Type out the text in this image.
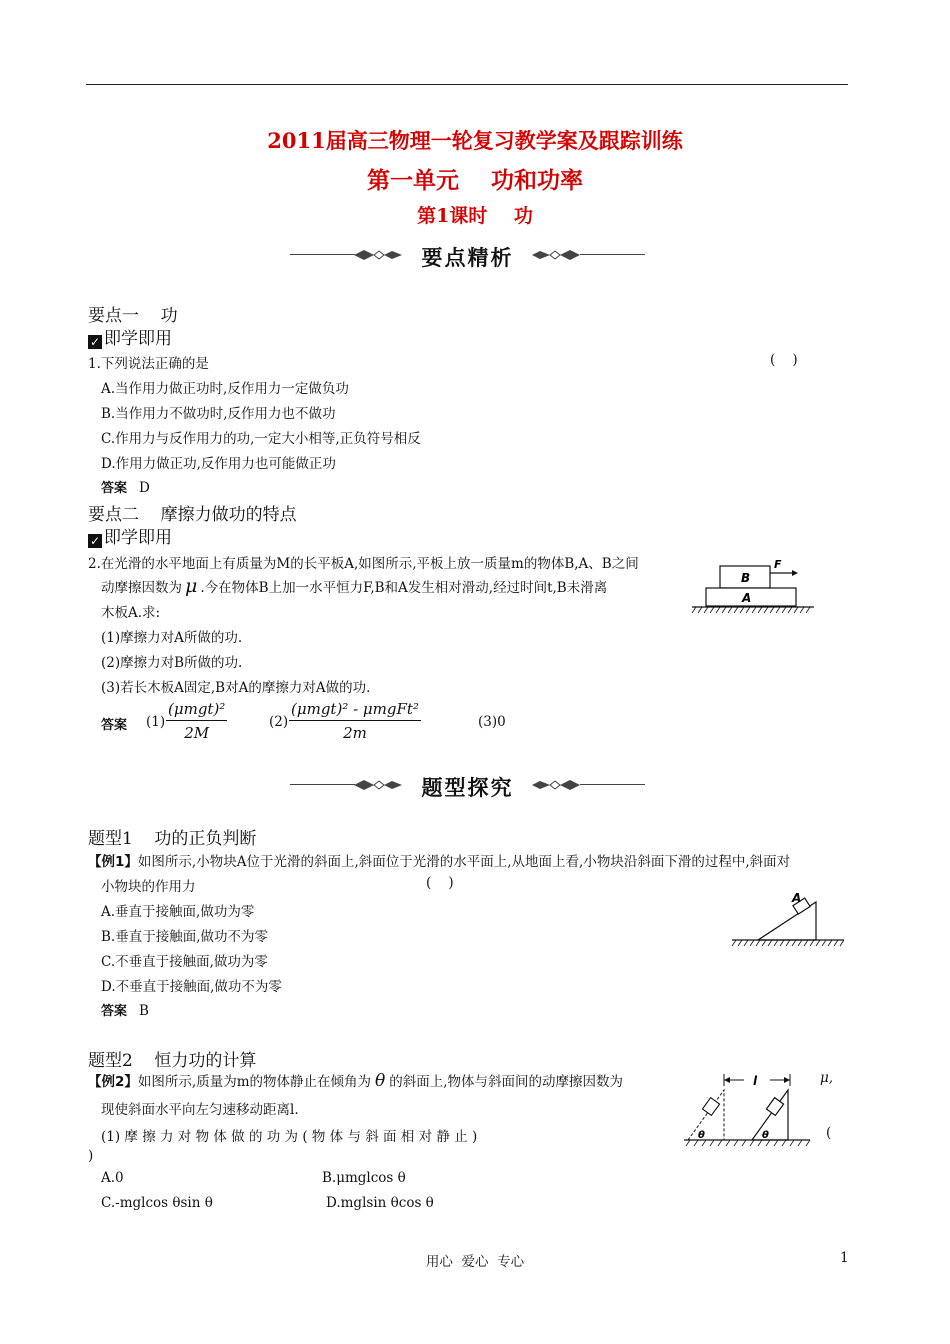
2011届高三物理一轮复习教学案及跟踪训练
第一单元    功和功率
第1课时    功
要点精析
要点一    功
✓ 即学即用
1.下列说法正确的是	(    )
A.当作用力做正功时,反作用力一定做负功
B.当作用力不做功时,反作用力也不做功
C.作用力与反作用力的功,一定大小相等,正负符号相反
D.作用力做正功,反作用力也可能做正功
答案 D
要点二    摩擦力做功的特点
✓ 即学即用
2.在光滑的水平地面上有质量为M的长平板A,如图所示,平板上放一质量m的物体B,A、B之间
动摩擦因数为 μ .今在物体B上加一水平恒力F,B和A发生相对滑动,经过时间t,B未滑离
木板A.求:
(1)摩擦力对A所做的功.
(2)摩擦力对B所做的功.
(3)若长木板A固定,B对A的摩擦力对A做的功.
B
A
F
答案 (1)
(μmgt)²
2M
(2)
(μmgt)² - μmgFt²
2m
(3)0
题型探究
题型1    功的正负判断
【例1】如图所示,小物块A位于光滑的斜面上,斜面位于光滑的水平面上,从地面上看,小物块沿斜面下滑的过程中,斜面对
小物块的作用力	(    )
A.垂直于接触面,做功为零
B.垂直于接触面,做功不为零
C.不垂直于接触面,做功为零
D.不垂直于接触面,做功不为零
答案 B
A
题型2    恒力功的计算
【例2】如图所示,质量为m的物体静止在倾角为 θ 的斜面上,物体与斜面间的动摩擦因数为	μ,
现使斜面水平向左匀速移动距离l.
(1) 摩 擦 力 对 物 体 做 的 功 为 ( 物 体 与 斜 面 相 对 静 止 )	(
)
A.0	B.μmglcos θ
C.-mglcos θsin θ	D.mglsin θcos θ
l
θ	θ
用心  爱心  专心	1
